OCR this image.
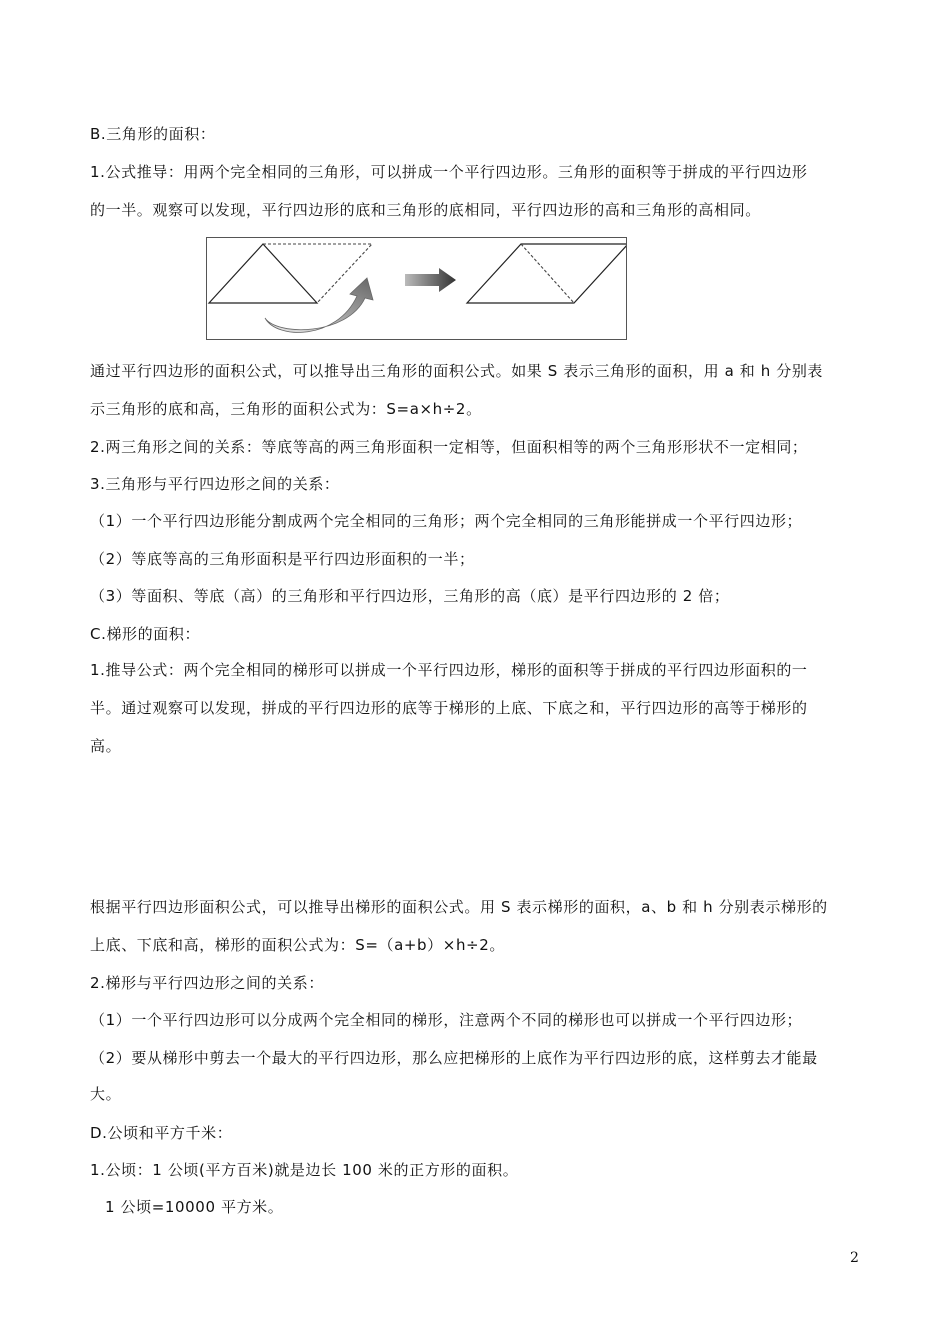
B.三角形的面积：
1.公式推导：用两个完全相同的三角形，可以拼成一个平行四边形。三角形的面积等于拼成的平行四边形
的一半。观察可以发现，平行四边形的底和三角形的底相同，平行四边形的高和三角形的高相同。
通过平行四边形的面积公式，可以推导出三角形的面积公式。如果 S 表示三角形的面积，用 a 和 h 分别表
示三角形的底和高，三角形的面积公式为：S=a×h÷2。
2.两三角形之间的关系：等底等高的两三角形面积一定相等，但面积相等的两个三角形形状不一定相同；
3.三角形与平行四边形之间的关系：
（1）一个平行四边形能分割成两个完全相同的三角形；两个完全相同的三角形能拼成一个平行四边形；
（2）等底等高的三角形面积是平行四边形面积的一半；
（3）等面积、等底（高）的三角形和平行四边形，三角形的高（底）是平行四边形的 2 倍；
C.梯形的面积：
1.推导公式：两个完全相同的梯形可以拼成一个平行四边形，梯形的面积等于拼成的平行四边形面积的一
半。通过观察可以发现，拼成的平行四边形的底等于梯形的上底、下底之和，平行四边形的高等于梯形的
高。
根据平行四边形面积公式，可以推导出梯形的面积公式。用 S 表示梯形的面积，a、b 和 h 分别表示梯形的
上底、下底和高，梯形的面积公式为：S=（a+b）×h÷2。
2.梯形与平行四边形之间的关系：
（1）一个平行四边形可以分成两个完全相同的梯形，注意两个不同的梯形也可以拼成一个平行四边形；
（2）要从梯形中剪去一个最大的平行四边形，那么应把梯形的上底作为平行四边形的底，这样剪去才能最
大。
D.公顷和平方千米：
1.公顷：1 公顷(平方百米)就是边长 100 米的正方形的面积。
1 公顷=10000 平方米。
2
